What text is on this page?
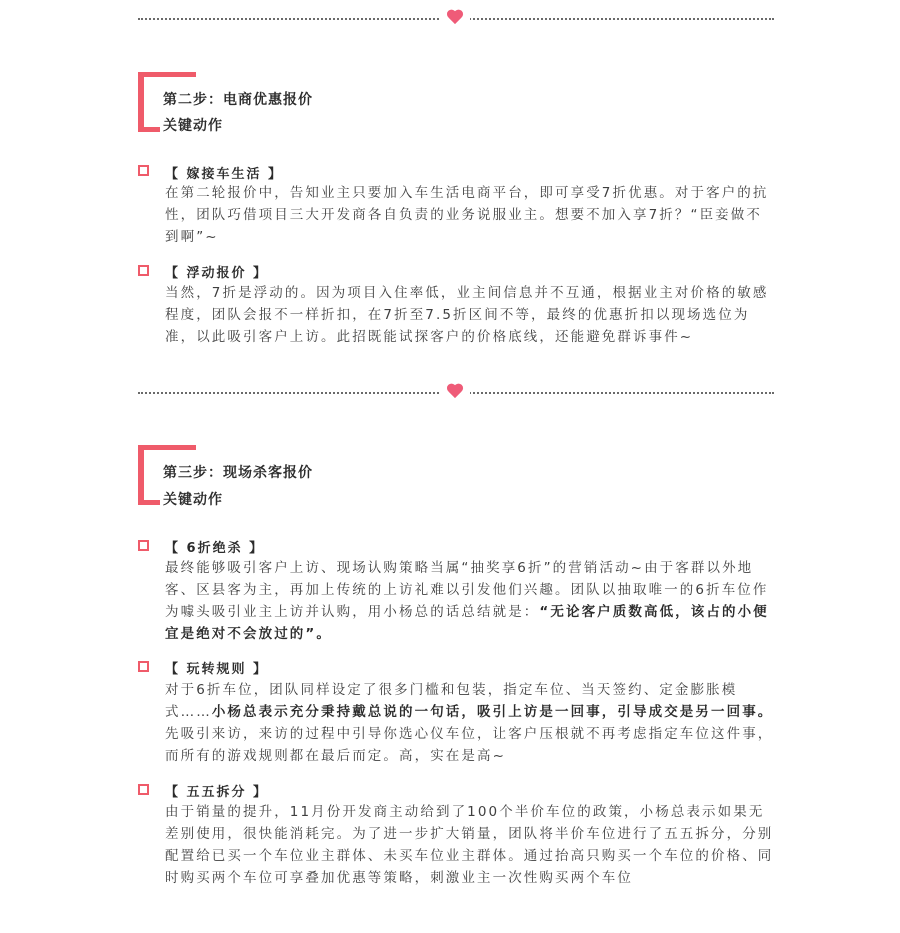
第二步：电商优惠报价
关键动作
【 嫁接车生活 】

在第二轮报价中，告知业主只要加入车生活电商平台，即可享受7折优惠。对于客户的抗性，团队巧借项目三大开发商各自负责的业务说服业主。想要不加入享7折？“臣妾做不到啊”~

【 浮动报价 】

当然，7折是浮动的。因为项目入住率低，业主间信息并不互通，根据业主对价格的敏感程度，团队会报不一样折扣，在7折至7.5折区间不等，最终的优惠折扣以现场选位为准，以此吸引客户上访。此招既能试探客户的价格底线，还能避免群诉事件~

第三步：现场杀客报价
关键动作
【 6折绝杀 】

最终能够吸引客户上访、现场认购策略当属“抽奖享6折”的营销活动~由于客群以外地客、区县客为主，再加上传统的上访礼难以引发他们兴趣。团队以抽取唯一的6折车位作为噱头吸引业主上访并认购，用小杨总的话总结就是：“无论客户质数高低，该占的小便宜是绝对不会放过的”。

【 玩转规则 】

对于6折车位，团队同样设定了很多门槛和包装，指定车位、当天签约、定金膨胀模式……小杨总表示充分秉持戴总说的一句话，吸引上访是一回事，引导成交是另一回事。先吸引来访，来访的过程中引导你选心仪车位，让客户压根就不再考虑指定车位这件事，而所有的游戏规则都在最后而定。高，实在是高~

【 五五拆分 】

由于销量的提升，11月份开发商主动给到了100个半价车位的政策，小杨总表示如果无差别使用，很快能消耗完。为了进一步扩大销量，团队将半价车位进行了五五拆分，分别配置给已买一个车位业主群体、未买车位业主群体。通过抬高只购买一个车位的价格、同时购买两个车位可享叠加优惠等策略，刺激业主一次性购买两个车位
